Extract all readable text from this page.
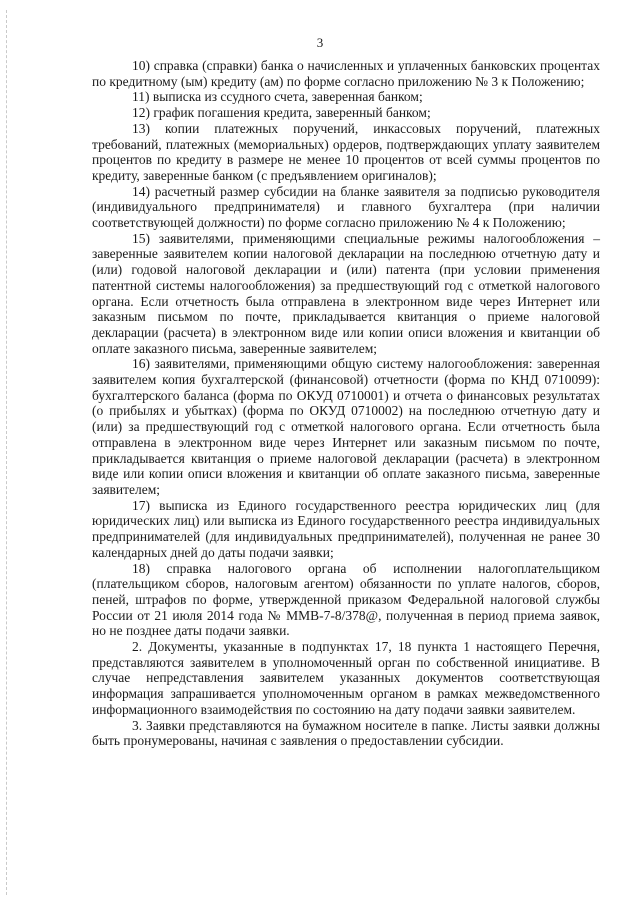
3

10) справка (справки) банка о начисленных и уплаченных банковских процентах по кредитному (ым) кредиту (ам) по форме согласно приложению № 3 к Положению;

11) выписка из ссудного счета, заверенная банком;

12) график погашения кредита, заверенный банком;

13) копии платежных поручений, инкассовых поручений, платежных требований, платежных (мемориальных) ордеров, подтверждающих уплату заявителем процентов по кредиту в размере не менее 10 процентов от всей суммы процентов по кредиту, заверенные банком (с предъявлением оригиналов);

14) расчетный размер субсидии на бланке заявителя за подписью руководителя (индивидуального предпринимателя) и главного бухгалтера (при наличии соответствующей должности) по форме согласно приложению № 4 к Положению;

15) заявителями, применяющими специальные режимы налогообложения – заверенные заявителем копии налоговой декларации на последнюю отчетную дату и (или) годовой налоговой декларации и (или) патента (при условии применения патентной системы налогообложения) за предшествующий год с отметкой налогового органа. Если отчетность была отправлена в электронном виде через Интернет или заказным письмом по почте, прикладывается квитанция о приеме налоговой декларации (расчета) в электронном виде или копии описи вложения и квитанции об оплате заказного письма, заверенные заявителем;

16) заявителями, применяющими общую систему налогообложения: заверенная заявителем копия бухгалтерской (финансовой) отчетности (форма по КНД 0710099): бухгалтерского баланса (форма по ОКУД 0710001) и отчета о финансовых результатах (о прибылях и убытках) (форма по ОКУД 0710002) на последнюю отчетную дату и (или) за предшествующий год с отметкой налогового органа. Если отчетность была отправлена в электронном виде через Интернет или заказным письмом по почте, прикладывается квитанция о приеме налоговой декларации (расчета) в электронном виде или копии описи вложения и квитанции об оплате заказного письма, заверенные заявителем;

17) выписка из Единого государственного реестра юридических лиц (для юридических лиц) или выписка из Единого государственного реестра индивидуальных предпринимателей (для индивидуальных предпринимателей), полученная не ранее 30 календарных дней до даты подачи заявки;

18) справка налогового органа об исполнении налогоплательщиком (плательщиком сборов, налоговым агентом) обязанности по уплате налогов, сборов, пеней, штрафов по форме, утвержденной приказом Федеральной налоговой службы России от 21 июля 2014 года № ММВ-7-8/378@, полученная в период приема заявок, но не позднее даты подачи заявки.

2. Документы, указанные в подпунктах 17, 18 пункта 1 настоящего Перечня, представляются заявителем в уполномоченный орган по собственной инициативе. В случае непредставления заявителем указанных документов соответствующая информация запрашивается уполномоченным органом в рамках межведомственного информационного взаимодействия по состоянию на дату подачи заявки заявителем.

3. Заявки представляются на бумажном носителе в папке. Листы заявки должны быть пронумерованы, начиная с заявления о предоставлении субсидии.
